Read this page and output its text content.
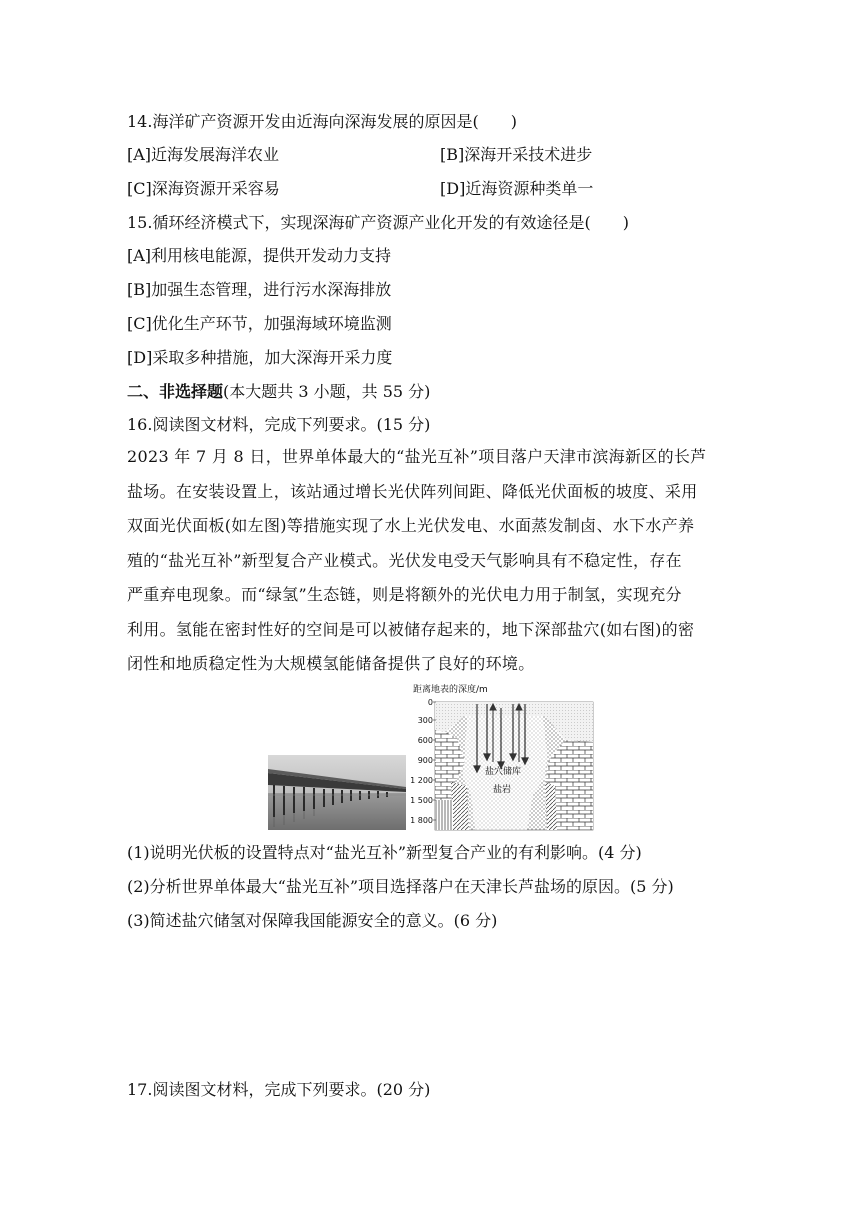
14.海洋矿产资源开发由近海向深海发展的原因是(　　)
[A]近海发展海洋农业	[B]深海开采技术进步
[C]深海资源开采容易	[D]近海资源种类单一
15.循环经济模式下，实现深海矿产资源产业化开发的有效途径是(　　)
[A]利用核电能源，提供开发动力支持
[B]加强生态管理，进行污水深海排放
[C]优化生产环节，加强海域环境监测
[D]采取多种措施，加大深海开采力度
二、非选择题(本大题共 3 小题，共 55 分)
16.阅读图文材料，完成下列要求。(15 分)
2023 年 7 月 8 日，世界单体最大的“盐光互补”项目落户天津市滨海新区的长芦
盐场。在安装设置上，该站通过增长光伏阵列间距、降低光伏面板的坡度、采用
双面光伏面板(如左图)等措施实现了水上光伏发电、水面蒸发制卤、水下水产养
殖的“盐光互补”新型复合产业模式。光伏发电受天气影响具有不稳定性，存在
严重弃电现象。而“绿氢”生态链，则是将额外的光伏电力用于制氢，实现充分
利用。氢能在密封性好的空间是可以被储存起来的，地下深部盐穴(如右图)的密
闭性和地质稳定性为大规模氢能储备提供了良好的环境。
距离地表的深度/m
盐穴储库
盐岩
0
300
600
900
1 200
1 500
1 800
(1)说明光伏板的设置特点对“盐光互补”新型复合产业的有利影响。(4 分)
(2)分析世界单体最大“盐光互补”项目选择落户在天津长芦盐场的原因。(5 分)
(3)简述盐穴储氢对保障我国能源安全的意义。(6 分)
17.阅读图文材料，完成下列要求。(20 分)
